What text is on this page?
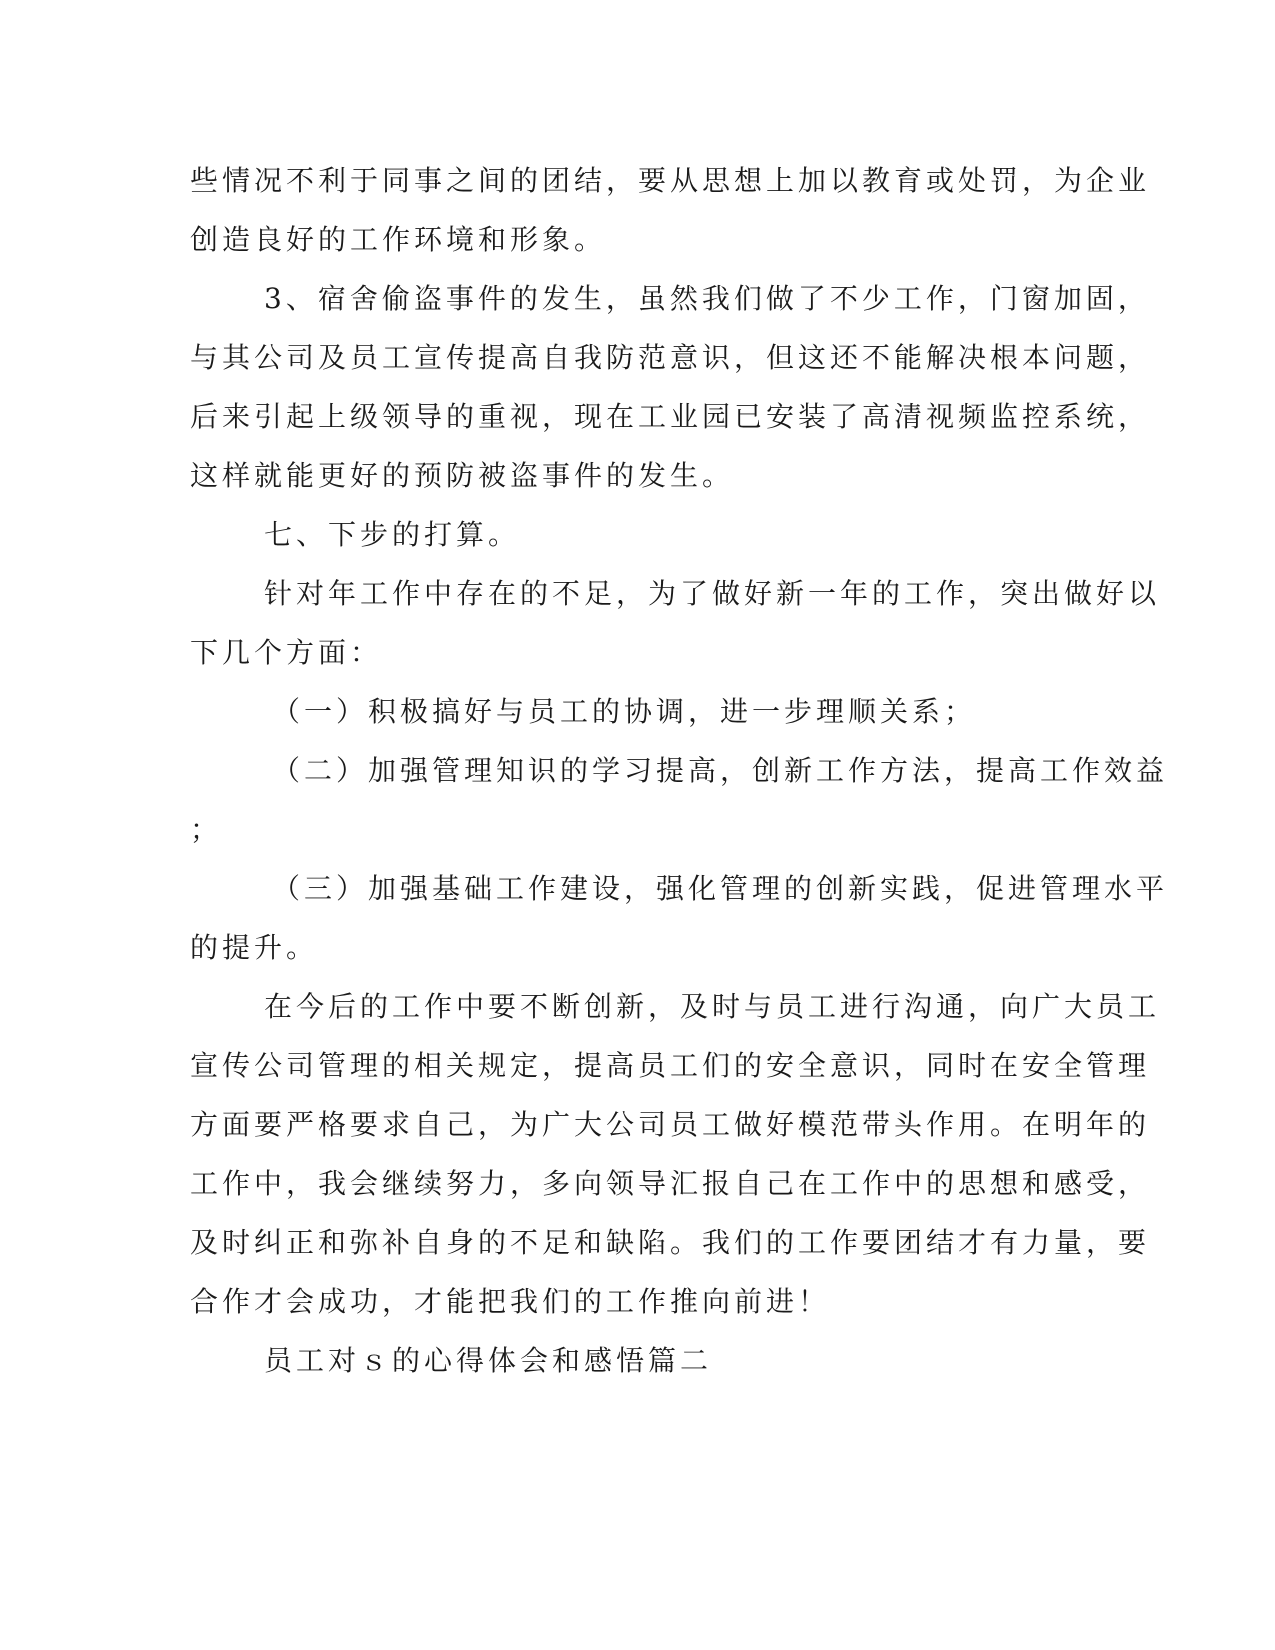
些情况不利于同事之间的团结，要从思想上加以教育或处罚，为企业
创造良好的工作环境和形象。
3、宿舍偷盗事件的发生，虽然我们做了不少工作，门窗加固，
与其公司及员工宣传提高自我防范意识，但这还不能解决根本问题，
后来引起上级领导的重视，现在工业园已安装了高清视频监控系统，
这样就能更好的预防被盗事件的发生。
七、下步的打算。
针对年工作中存在的不足，为了做好新一年的工作，突出做好以
下几个方面：
（一）积极搞好与员工的协调，进一步理顺关系；
（二）加强管理知识的学习提高，创新工作方法，提高工作效益
；
（三）加强基础工作建设，强化管理的创新实践，促进管理水平
的提升。
在今后的工作中要不断创新，及时与员工进行沟通，向广大员工
宣传公司管理的相关规定，提高员工们的安全意识，同时在安全管理
方面要严格要求自己，为广大公司员工做好模范带头作用。在明年的
工作中，我会继续努力，多向领导汇报自己在工作中的思想和感受，
及时纠正和弥补自身的不足和缺陷。我们的工作要团结才有力量，要
合作才会成功，才能把我们的工作推向前进！
员工对ｓ的心得体会和感悟篇二
